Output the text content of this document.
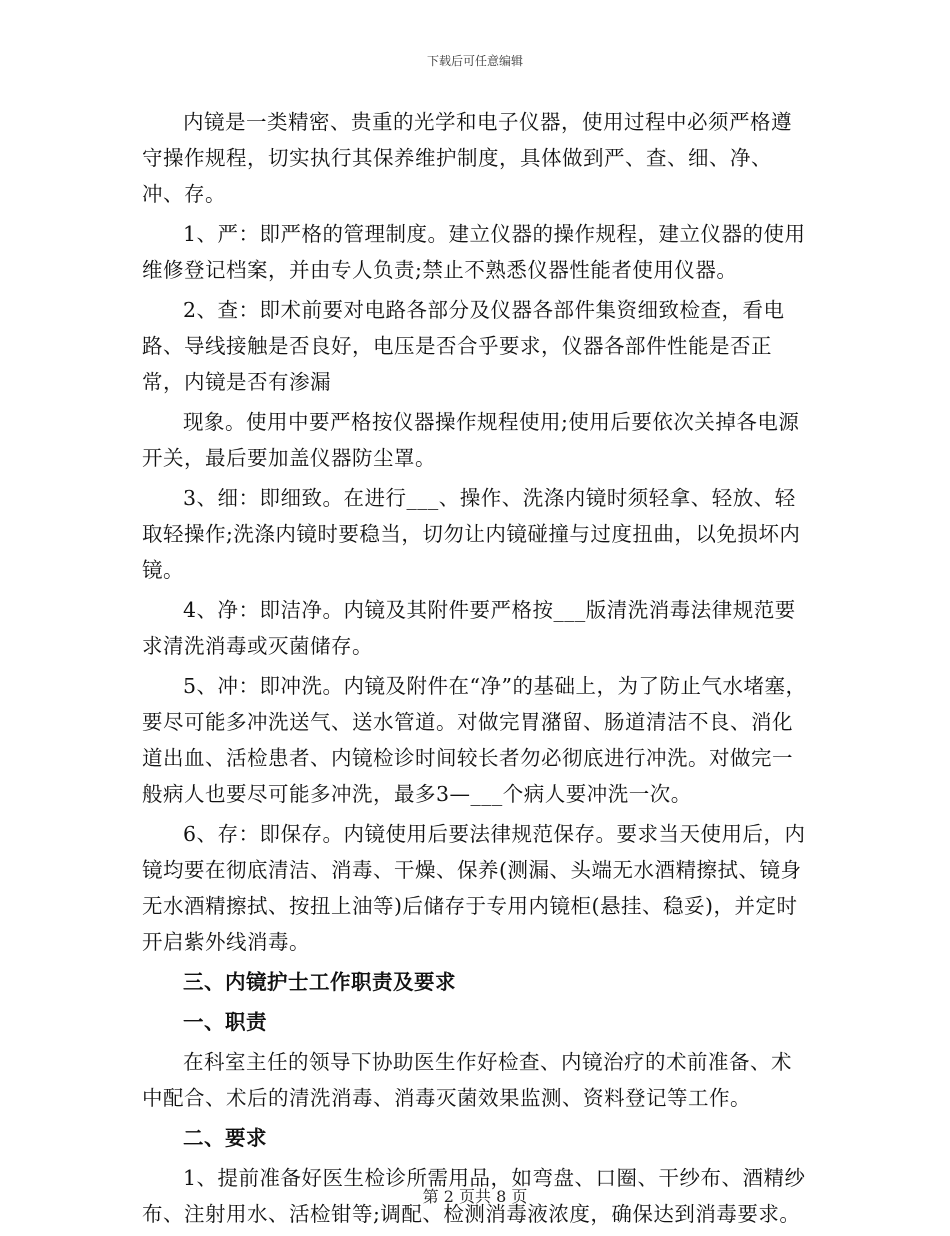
下载后可任意编辑

内镜是一类精密、贵重的光学和电子仪器，使用过程中必须严格遵守操作规程，切实执行其保养维护制度，具体做到严、查、细、净、冲、存。

1、严：即严格的管理制度。建立仪器的操作规程，建立仪器的使用维修登记档案，并由专人负责;禁止不熟悉仪器性能者使用仪器。

2、查：即术前要对电路各部分及仪器各部件集资细致检查，看电路、导线接触是否良好，电压是否合乎要求，仪器各部件性能是否正常，内镜是否有渗漏

现象。使用中要严格按仪器操作规程使用;使用后要依次关掉各电源开关，最后要加盖仪器防尘罩。

3、细：即细致。在进行___、操作、洗涤内镜时须轻拿、轻放、轻取轻操作;洗涤内镜时要稳当，切勿让内镜碰撞与过度扭曲，以免损坏内镜。

4、净：即洁净。内镜及其附件要严格按___版清洗消毒法律规范要求清洗消毒或灭菌储存。

5、冲：即冲洗。内镜及附件在“净”的基础上，为了防止气水堵塞，要尽可能多冲洗送气、送水管道。对做完胃潴留、肠道清洁不良、消化道出血、活检患者、内镜检诊时间较长者勿必彻底进行冲洗。对做完一般病人也要尽可能多冲洗，最多3—___个病人要冲洗一次。

6、存：即保存。内镜使用后要法律规范保存。要求当天使用后，内镜均要在彻底清洁、消毒、干燥、保养(测漏、头端无水酒精擦拭、镜身无水酒精擦拭、按扭上油等)后储存于专用内镜柜(悬挂、稳妥)，并定时开启紫外线消毒。

三、内镜护士工作职责及要求

一、职责

在科室主任的领导下协助医生作好检查、内镜治疗的术前准备、术中配合、术后的清洗消毒、消毒灭菌效果监测、资料登记等工作。

二、要求

1、提前准备好医生检诊所需用品，如弯盘、口圈、干纱布、酒精纱布、注射用水、活检钳等;调配、检测消毒液浓度，确保达到消毒要求。

第 2 页共 8 页
